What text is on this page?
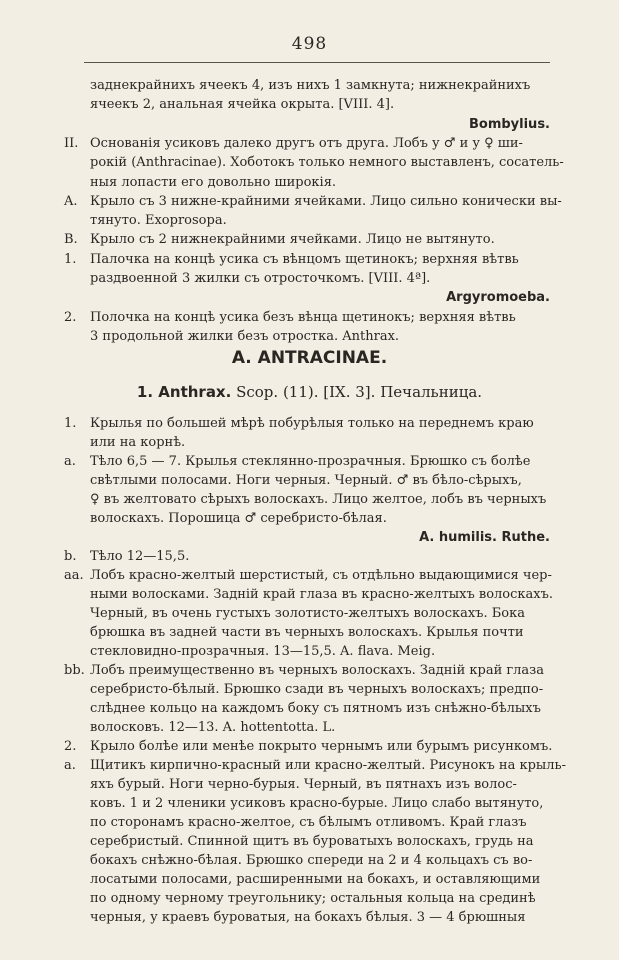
498
заднекрайнихъ ячеекъ 4, изъ нихъ 1 замкнута; нижнекрайнихъ
ячеекъ 2, анальная ячейка окрыта. [VIII. 4].
Bombylius.
II. Основанія усиковъ далеко другъ отъ друга. Лобъ у ♂ и у ♀ ши-
рокій (Anthracinae). Хоботокъ только немного выставленъ, сосатель-
ныя лопасти его довольно широкія.
A. Крыло съ 3 нижне-крайними ячейками. Лицо сильно конически вы-
тянуто. Exoprosopa.
B. Крыло съ 2 нижнекрайними ячейками. Лицо не вытянуто.
1. Палочка на концѣ усика съ вѣнцомъ щетинокъ; верхняя вѣтвь
раздвоенной 3 жилки съ отросточкомъ. [VIII. 4ª].
Argyromoeba.
2. Полочка на концѣ усика безъ вѣнца щетинокъ; верхняя вѣтвь
3 продольной жилки безъ отростка. Anthrax.
A. ANTRACINAE.
1. Anthrax. Scop. (11). [IX. 3]. Печальница.
1. Крылья по большей мѣрѣ побурѣлыя только на переднемъ краю
или на корнѣ.
a. Тѣло 6,5 — 7. Крылья стеклянно-прозрачныя. Брюшко съ болѣе
свѣтлыми полосами. Ноги черныя. Черный. ♂ въ бѣло-сѣрыхъ,
♀ въ желтовато сѣрыхъ волоскахъ. Лицо желтое, лобъ въ черныхъ
волоскахъ. Порошица ♂ серебристо-бѣлая.
A. humilis. Ruthe.
b. Тѣло 12—15,5.
aa. Лобъ красно-желтый шерстистый, съ отдѣльно выдающимися чер-
ными волосками. Задній край глаза въ красно-желтыхъ волоскахъ.
Черный, въ очень густыхъ золотисто-желтыхъ волоскахъ. Бока
брюшка въ задней части въ черныхъ волоскахъ. Крылья почти
стекловидно-прозрачныя. 13—15,5. A. flava. Meig.
bb. Лобъ преимущественно въ черныхъ волоскахъ. Задній край глаза
серебристо-бѣлый. Брюшко сзади въ черныхъ волоскахъ; предпо-
слѣднее кольцо на каждомъ боку съ пятномъ изъ снѣжно-бѣлыхъ
волосковъ. 12—13. A. hottentotta. L.
2. Крыло болѣе или менѣе покрыто чернымъ или бурымъ рисункомъ.
a. Щитикъ кирпично-красный или красно-желтый. Рисунокъ на крыль-
яхъ бурый. Ноги черно-бурыя. Черный, въ пятнахъ изъ волос-
ковъ. 1 и 2 членики усиковъ красно-бурые. Лицо слабо вытянуто,
по сторонамъ красно-желтое, съ бѣлымъ отливомъ. Край глазъ
серебристый. Спинной щитъ въ буроватыхъ волоскахъ, грудь на
бокахъ снѣжно-бѣлая. Брюшко спереди на 2 и 4 кольцахъ съ во-
лосатыми полосами, расширенными на бокахъ, и оставляющими
по одному черному треугольнику; остальныя кольца на срединѣ
черныя, у краевъ буроватыя, на бокахъ бѣлыя. 3 — 4 брюшныя
